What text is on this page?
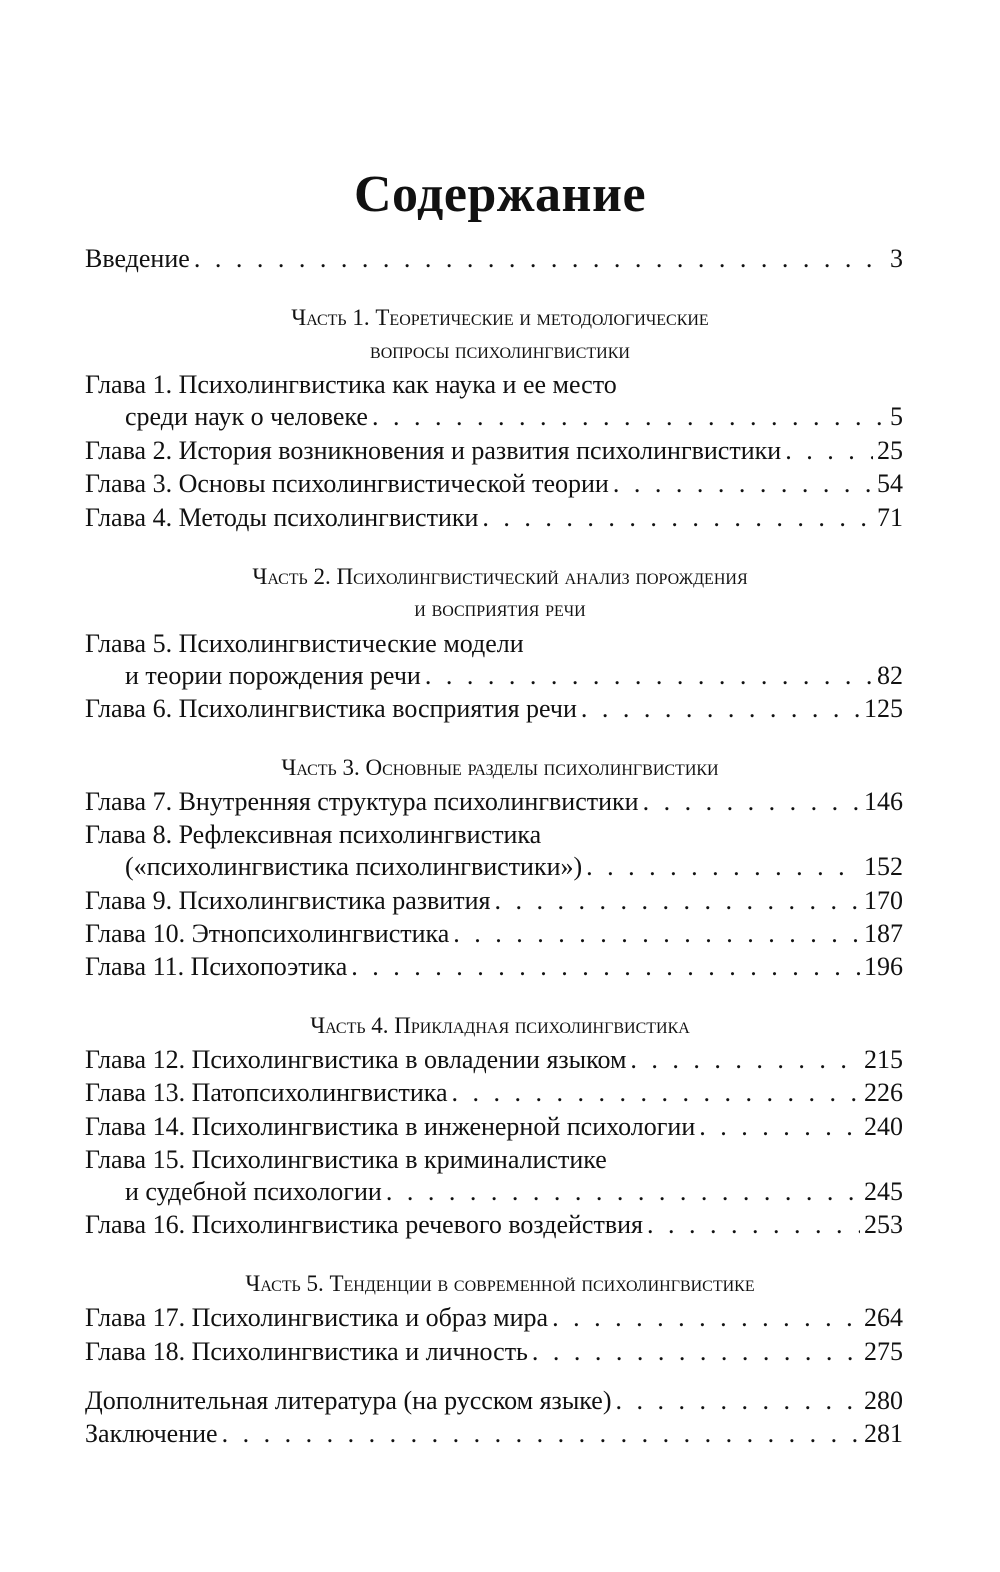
Содержание
Введение . . .	3
Часть 1. Теоретические и методологические
вопросы психолингвистики
Глава 1. Психолингвистика как наука и ее место
среди наук о человеке . . .	5
Глава 2. История возникновения и развития психолингвистики . . .	25
Глава 3. Основы психолингвистической теории . . .	54
Глава 4. Методы психолингвистики . . .	71
Часть 2. Психолингвистический анализ порождения
и восприятия речи
Глава 5. Психолингвистические модели
и теории порождения речи . . .	82
Глава 6. Психолингвистика восприятия речи . . .	125
Часть 3. Основные разделы психолингвистики
Глава 7. Внутренняя структура психолингвистики . . .	146
Глава 8. Рефлексивная психолингвистика
(«психолингвистика психолингвистики») . . .	152
Глава 9. Психолингвистика развития . . .	170
Глава 10. Этнопсихолингвистика . . .	187
Глава 11. Психопоэтика . . .	196
Часть 4. Прикладная психолингвистика
Глава 12. Психолингвистика в овладении языком . . .	215
Глава 13. Патопсихолингвистика . . .	226
Глава 14. Психолингвистика в инженерной психологии . . .	240
Глава 15. Психолингвистика в криминалистике
и судебной психологии . . .	245
Глава 16. Психолингвистика речевого воздействия . . .	253
Часть 5. Тенденции в современной психолингвистике
Глава 17. Психолингвистика и образ мира . . .	264
Глава 18. Психолингвистика и личность . . .	275
Дополнительная литература (на русском языке) . . .	280
Заключение . . .	281
